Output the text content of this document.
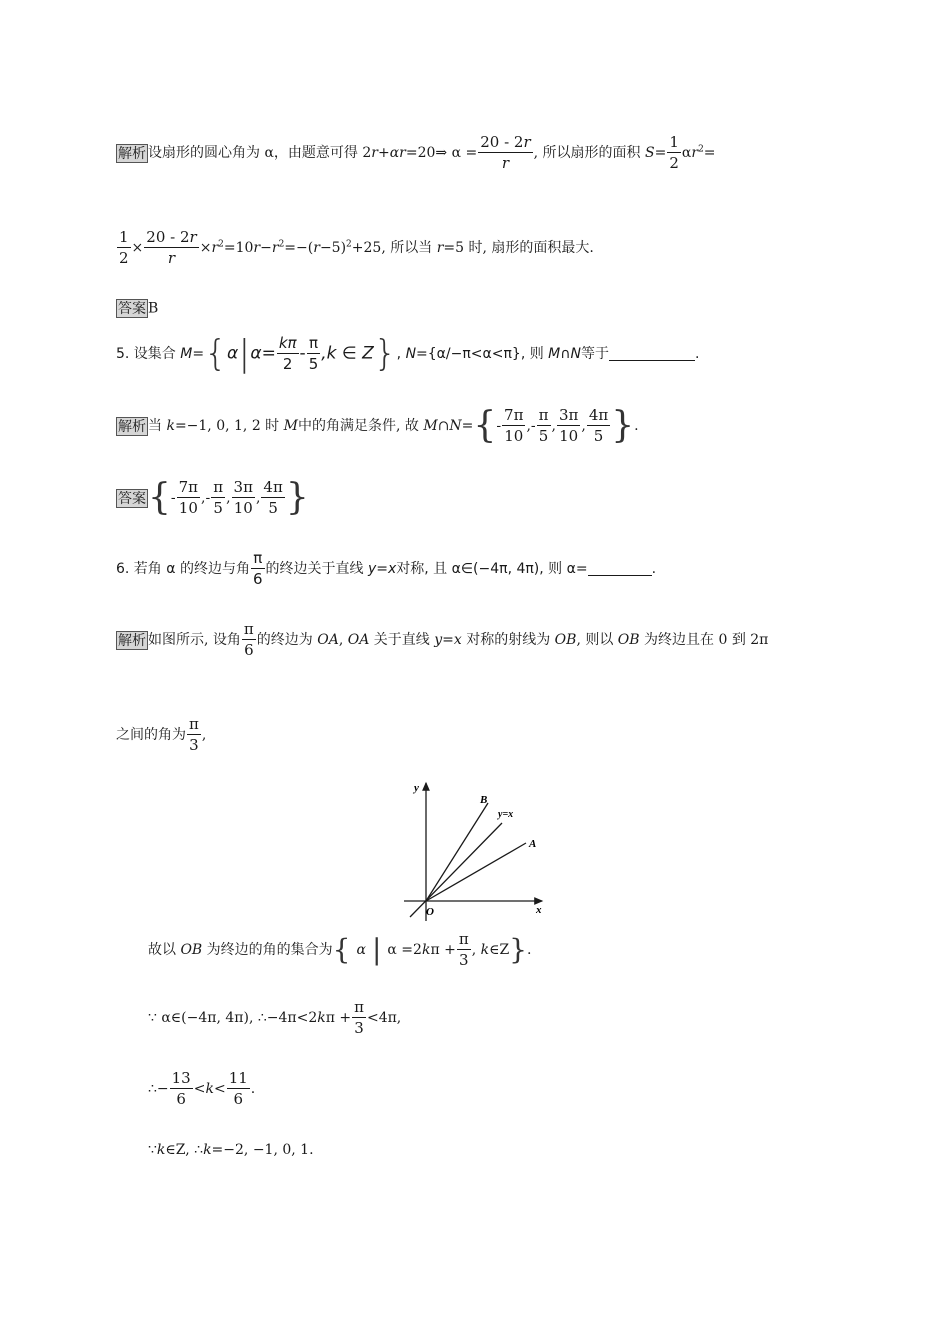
解析 设扇形的圆心角为 α，由题意可得 2r+αr=20⇒ $\alpha = \frac{20 - 2r}{r}$ , 所以扇形的面积 $S= \frac{1}{2} \alpha r^2=$
$\frac{1}{2} \times \frac{20 - 2r}{r} \times r^2=10r-r^2=-(r-5)^2+25$, 所以当 r=5 时, 扇形的面积最大.
答案 B
5. 设集合 $M=\{\alpha|\alpha= \frac{k\pi}{2} - \frac{\pi}{5} ,k$ ∈ Z}, N={α/−π<α<π}, 则 M∩N等于	.
解析 当 k=−1, 0, 1, 2 时 M中的角满足条件, 故 M∩N={- $\frac{7\pi}{10}$ ,- $\frac{\pi}{5}$ , $\frac{3\pi}{10}$ , $\frac{4\pi}{5}$ }.
答案{- $\frac{7\pi}{10}$ ,- $\frac{\pi}{5}$ , $\frac{3\pi}{10}$ , $\frac{4\pi}{5}$ }
6. 若角 α 的终边与角 $\frac{\pi}{6}$ 的终边关于直线 y=x对称, 且 α∈(−4π, 4π), 则 α=	.
解析 如图所示, 设角 $\frac{\pi}{6}$ 的终边为 OA, OA 关于直线 y=x 对称的射线为 OB, 则以 OB 为终边且在 0 到 2π
之间的角为 $\frac{\pi}{3}$ ,
y
x
O
B
A
y=x
故以 OB 为终边的角的集合为{ α | $\alpha =2k\pi + \frac{\pi}{3}$ , k∈Z}.
∵ α∈(−4π, 4π), ∴−4π<2kπ + $\frac{\pi}{3} <4\pi$,
∴− $\frac{13}{6} <k< \frac{11}{6}$ .
∵k∈Z, ∴k=−2, −1, 0, 1.
